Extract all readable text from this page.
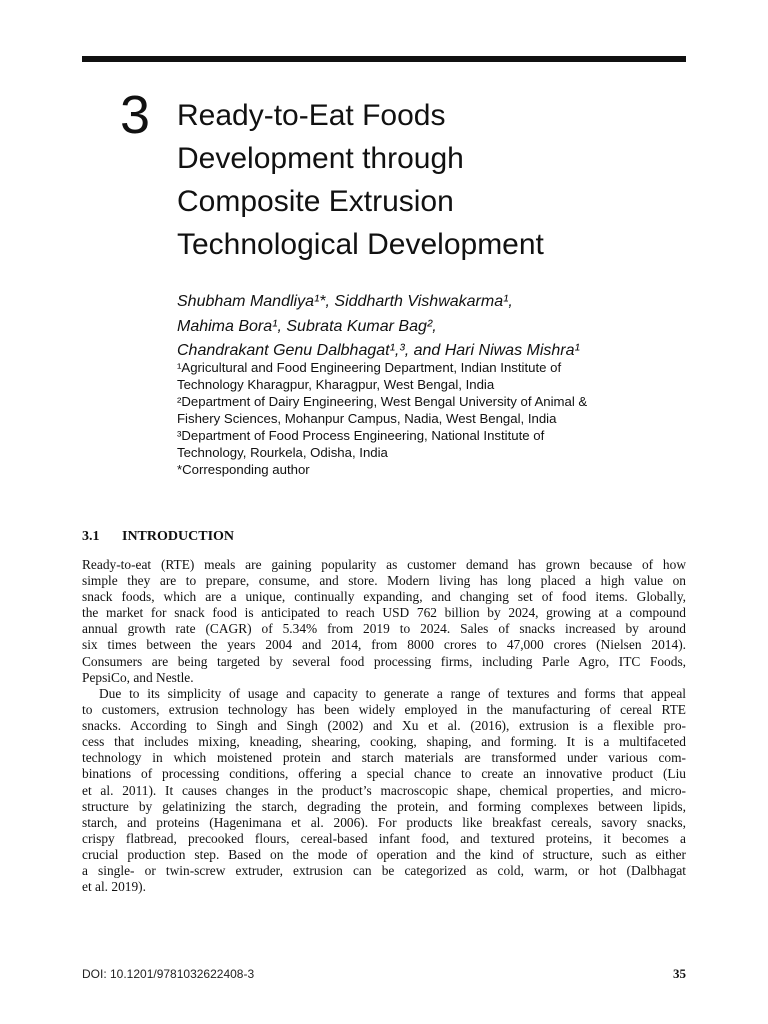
3 Ready-to-Eat Foods
Development through
Composite Extrusion
Technological Development
Shubham Mandliya¹*, Siddharth Vishwakarma¹,
Mahima Bora¹, Subrata Kumar Bag²,
Chandrakant Genu Dalbhagat¹,³, and Hari Niwas Mishra¹
¹Agricultural and Food Engineering Department, Indian Institute of
Technology Kharagpur, Kharagpur, West Bengal, India
²Department of Dairy Engineering, West Bengal University of Animal &
Fishery Sciences, Mohanpur Campus, Nadia, West Bengal, India
³Department of Food Process Engineering, National Institute of
Technology, Rourkela, Odisha, India
*Corresponding author
3.1 INTRODUCTION
Ready-to-eat (RTE) meals are gaining popularity as customer demand has grown because of how
simple they are to prepare, consume, and store. Modern living has long placed a high value on
snack foods, which are a unique, continually expanding, and changing set of food items. Globally,
the market for snack food is anticipated to reach USD 762 billion by 2024, growing at a compound
annual growth rate (CAGR) of 5.34% from 2019 to 2024. Sales of snacks increased by around
six times between the years 2004 and 2014, from 8000 crores to 47,000 crores (Nielsen 2014).
Consumers are being targeted by several food processing firms, including Parle Agro, ITC Foods,
PepsiCo, and Nestle.
Due to its simplicity of usage and capacity to generate a range of textures and forms that appeal
to customers, extrusion technology has been widely employed in the manufacturing of cereal RTE
snacks. According to Singh and Singh (2002) and Xu et al. (2016), extrusion is a flexible pro-
cess that includes mixing, kneading, shearing, cooking, shaping, and forming. It is a multifaceted
technology in which moistened protein and starch materials are transformed under various com-
binations of processing conditions, offering a special chance to create an innovative product (Liu
et al. 2011). It causes changes in the product’s macroscopic shape, chemical properties, and micro-
structure by gelatinizing the starch, degrading the protein, and forming complexes between lipids,
starch, and proteins (Hagenimana et al. 2006). For products like breakfast cereals, savory snacks,
crispy flatbread, precooked flours, cereal-based infant food, and textured proteins, it becomes a
crucial production step. Based on the mode of operation and the kind of structure, such as either
a single- or twin-screw extruder, extrusion can be categorized as cold, warm, or hot (Dalbhagat
et al. 2019).
DOI: 10.1201/9781032622408-3	35
